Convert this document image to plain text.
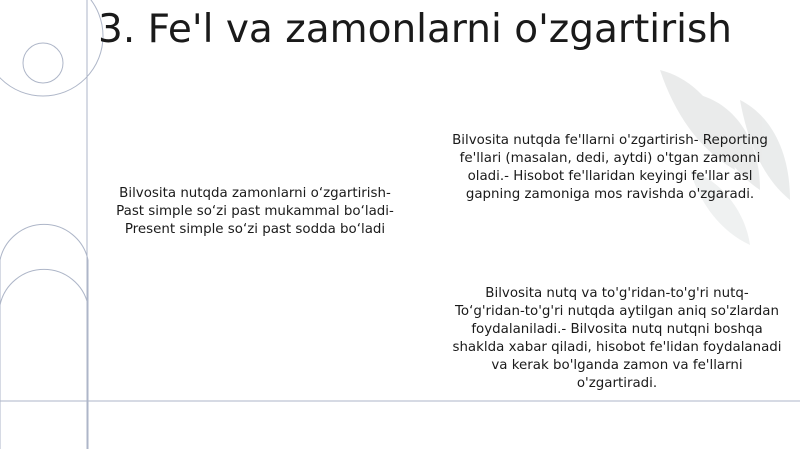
3. Fe'l va zamonlarni o'zgartirish
Bilvosita nutqda zamonlarni o‘zgartirish-
Past simple so‘zi past mukammal bo‘ladi-
Present simple so‘zi past sodda bo‘ladi
Bilvosita nutqda fe'llarni o'zgartirish- Reporting
fe'llari (masalan, dedi, aytdi) o'tgan zamonni
oladi.- Hisobot fe'llaridan keyingi fe'llar asl
gapning zamoniga mos ravishda o'zgaradi.
Bilvosita nutq va to'g'ridan-to'g'ri nutq-
To‘g'ridan-to'g'ri nutqda aytilgan aniq so'zlardan
foydalaniladi.- Bilvosita nutq nutqni boshqa
shaklda xabar qiladi, hisobot fe'lidan foydalanadi
va kerak bo'lganda zamon va fe'llarni
o'zgartiradi.
